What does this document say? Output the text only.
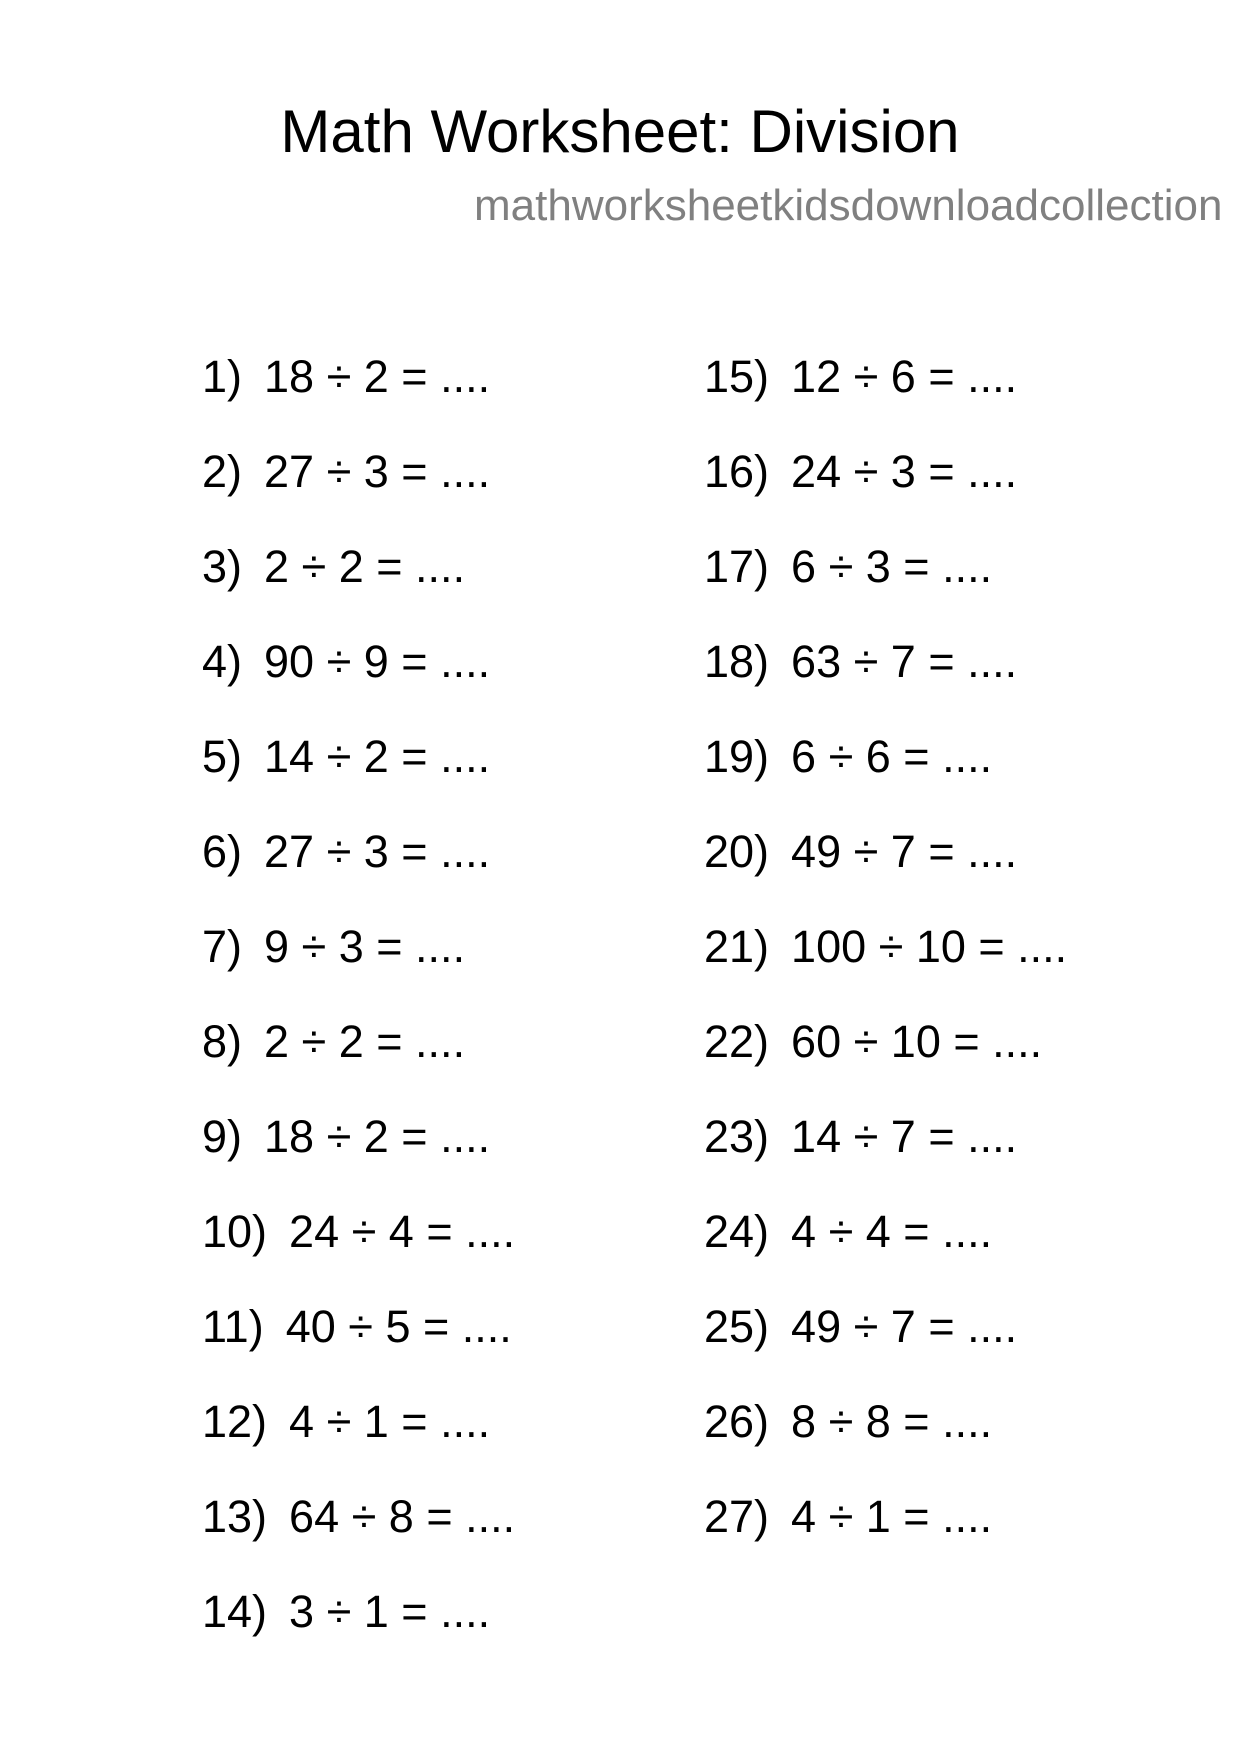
Math Worksheet: Division
mathworksheetkidsdownloadcollection
1) 18 ÷ 2 = ....
2) 27 ÷ 3 = ....
3) 2 ÷ 2 = ....
4) 90 ÷ 9 = ....
5) 14 ÷ 2 = ....
6) 27 ÷ 3 = ....
7) 9 ÷ 3 = ....
8) 2 ÷ 2 = ....
9) 18 ÷ 2 = ....
10) 24 ÷ 4 = ....
11) 40 ÷ 5 = ....
12) 4 ÷ 1 = ....
13) 64 ÷ 8 = ....
14) 3 ÷ 1 = ....
15) 12 ÷ 6 = ....
16) 24 ÷ 3 = ....
17) 6 ÷ 3 = ....
18) 63 ÷ 7 = ....
19) 6 ÷ 6 = ....
20) 49 ÷ 7 = ....
21) 100 ÷ 10 = ....
22) 60 ÷ 10 = ....
23) 14 ÷ 7 = ....
24) 4 ÷ 4 = ....
25) 49 ÷ 7 = ....
26) 8 ÷ 8 = ....
27) 4 ÷ 1 = ....
